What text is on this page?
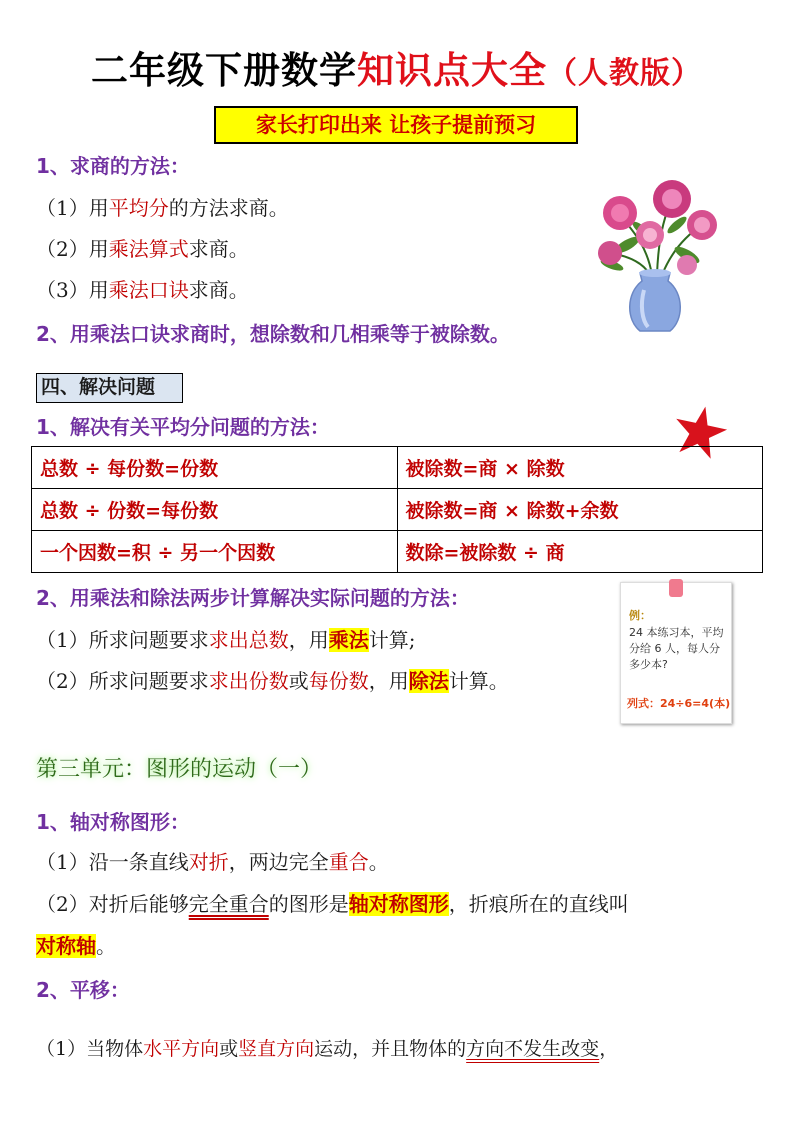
二年级下册数学知识点大全（人教版）
家长打印出来 让孩子提前预习
1、求商的方法：
（1）用平均分的方法求商。
（2）用乘法算式求商。
（3）用乘法口诀求商。
2、用乘法口诀求商时，想除数和几相乘等于被除数。
四、解决问题
1、解决有关平均分问题的方法：
总数 ÷ 每份数=份数	被除数=商 × 除数
总数 ÷ 份数=每份数	被除数=商 × 除数+余数
一个因数=积 ÷ 另一个因数	数除=被除数 ÷ 商
2、用乘法和除法两步计算解决实际问题的方法：
（1）所求问题要求求出总数，用乘法计算;
（2）所求问题要求求出份数或每份数，用除法计算。
例：
24 本练习本，平均分给 6 人，每人分多少本?
列式：24÷6=4(本)
第三单元：图形的运动（一）
1、轴对称图形：
（1）沿一条直线对折，两边完全重合。
（2）对折后能够完全重合的图形是轴对称图形，折痕所在的直线叫
对称轴。
2、平移：
（1）当物体水平方向或竖直方向运动，并且物体的方向不发生改变，
